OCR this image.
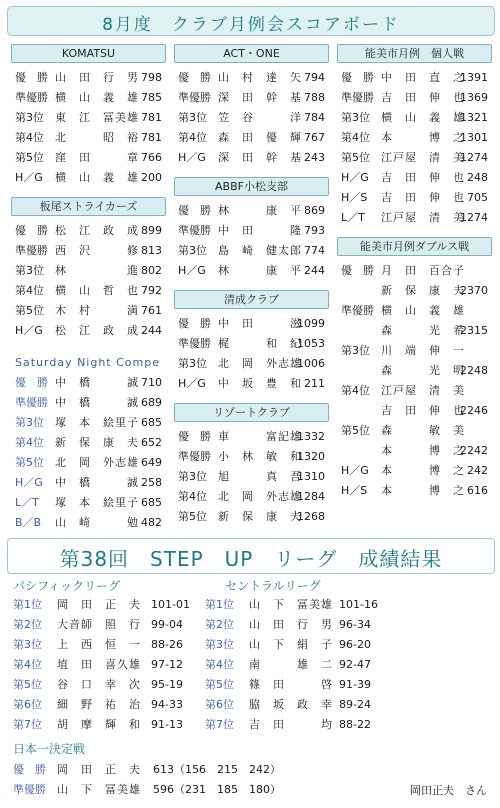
8月度　クラブ月例会スコアボード
KOMATSU
優　勝 山　田　行　男 798
準優勝 横　山　義　雄 785
第3位 東　江　冨美雄 781
第4位 北　　　昭　裕 781
第5位 窪　田　　　章 766
H／G 横　山　義　雄 200
板尾ストライカーズ
優　勝 松　江　政　成 899
準優勝 西　沢　　　修 813
第3位 林　　　　　進 802
第4位 横　山　哲　也 792
第5位 木　村　　　満 761
H／G 松　江　政　成 244
Saturday Night Compe
優　勝 中　橋　　　誠 710
準優勝 中　橋　　　誠 689
第3位 塚　本　絵里子 685
第4位 新　保　康　夫 652
第5位 北　岡　外志雄 649
H／G 中　橋　　　誠 258
L／T 塚　本　絵里子 685
B／B 山　崎　　　勉 482
ACT・ONE
優　勝 山　村　達　矢 794
準優勝 深　田　幹　基 788
第3位 笠　谷　　　洋 784
第4位 森　田　優　輝 767
H／G 深　田　幹　基 243
ABBF小松支部
優　勝 林　　　康　平 869
準優勝 中　田　　　隆 793
第3位 島　崎　健太郎 774
H／G 林　　　康　平 244
清成クラブ
優　勝 中　田　　　滋
1099
準優勝 梶　　　和　紀
1053
第3位 北　岡　外志雄
1006
H／G 中　坂　豊　和 211
リゾートクラブ
優　勝 車　　　富記雄
1332
準優勝 小　林　敏　和
1320
第3位 旭　　　真　吾
1310
第4位 北　岡　外志雄
1284
第5位 新　保　康　夫
1268
能美市月例　個人戦
優　勝 中　田　直　之
1391
準優勝 吉　田　伸　也
1369
第3位 横　山　義　雄
1321
第4位 本　　　博　之
1301
第5位 江戸屋　清　美
1274
H／G 吉　田　伸　也 248
H／S 吉　田　伸　也 705
L／T 江戸屋　清　美
1274
能美市月例ダブルス戦
優　勝 月　田　百合子
新　保　康　夫
2370
準優勝 横　山　義　雄
森　　　光　希
2315
第3位 川　端　伸　一
森　　　光　明
2248
第4位 江戸屋　清　美
吉　田　伸　也
2246
第5位 森　　　敏　美
本　　　博　之
2242
H／G 本　　　博　之 242
H／S 本　　　博　之 616
第38回　STEP　UP　リーグ　成績結果
パシフィックリーグ	セントラルリーグ
第1位 岡　田　正　夫 101-01
第2位 大音師　照　行 99-04
第3位 上　西　恒　一 88-26
第4位 埴　田　喜久雄 97-12
第5位 谷　口　幸　次 95-19
第6位 細　野　祐　治 94-33
第7位 胡　摩　輝　和 91-13
第1位 山　下　冨美雄 101-16
第2位 山　田　行　男 96-34
第3位 山　下　絹　子 96-20
第4位 南　　　雄　二 92-47
第5位 篠　田　　　啓 91-39
第6位 脇　坂　政　幸 89-24
第7位 吉　田　　　均 88-22
日本一決定戦
優　勝 岡　田　正　夫 613（156　215　242）
準優勝 山　下　冨美雄 596（231　185　180）	岡田正夫　さん
